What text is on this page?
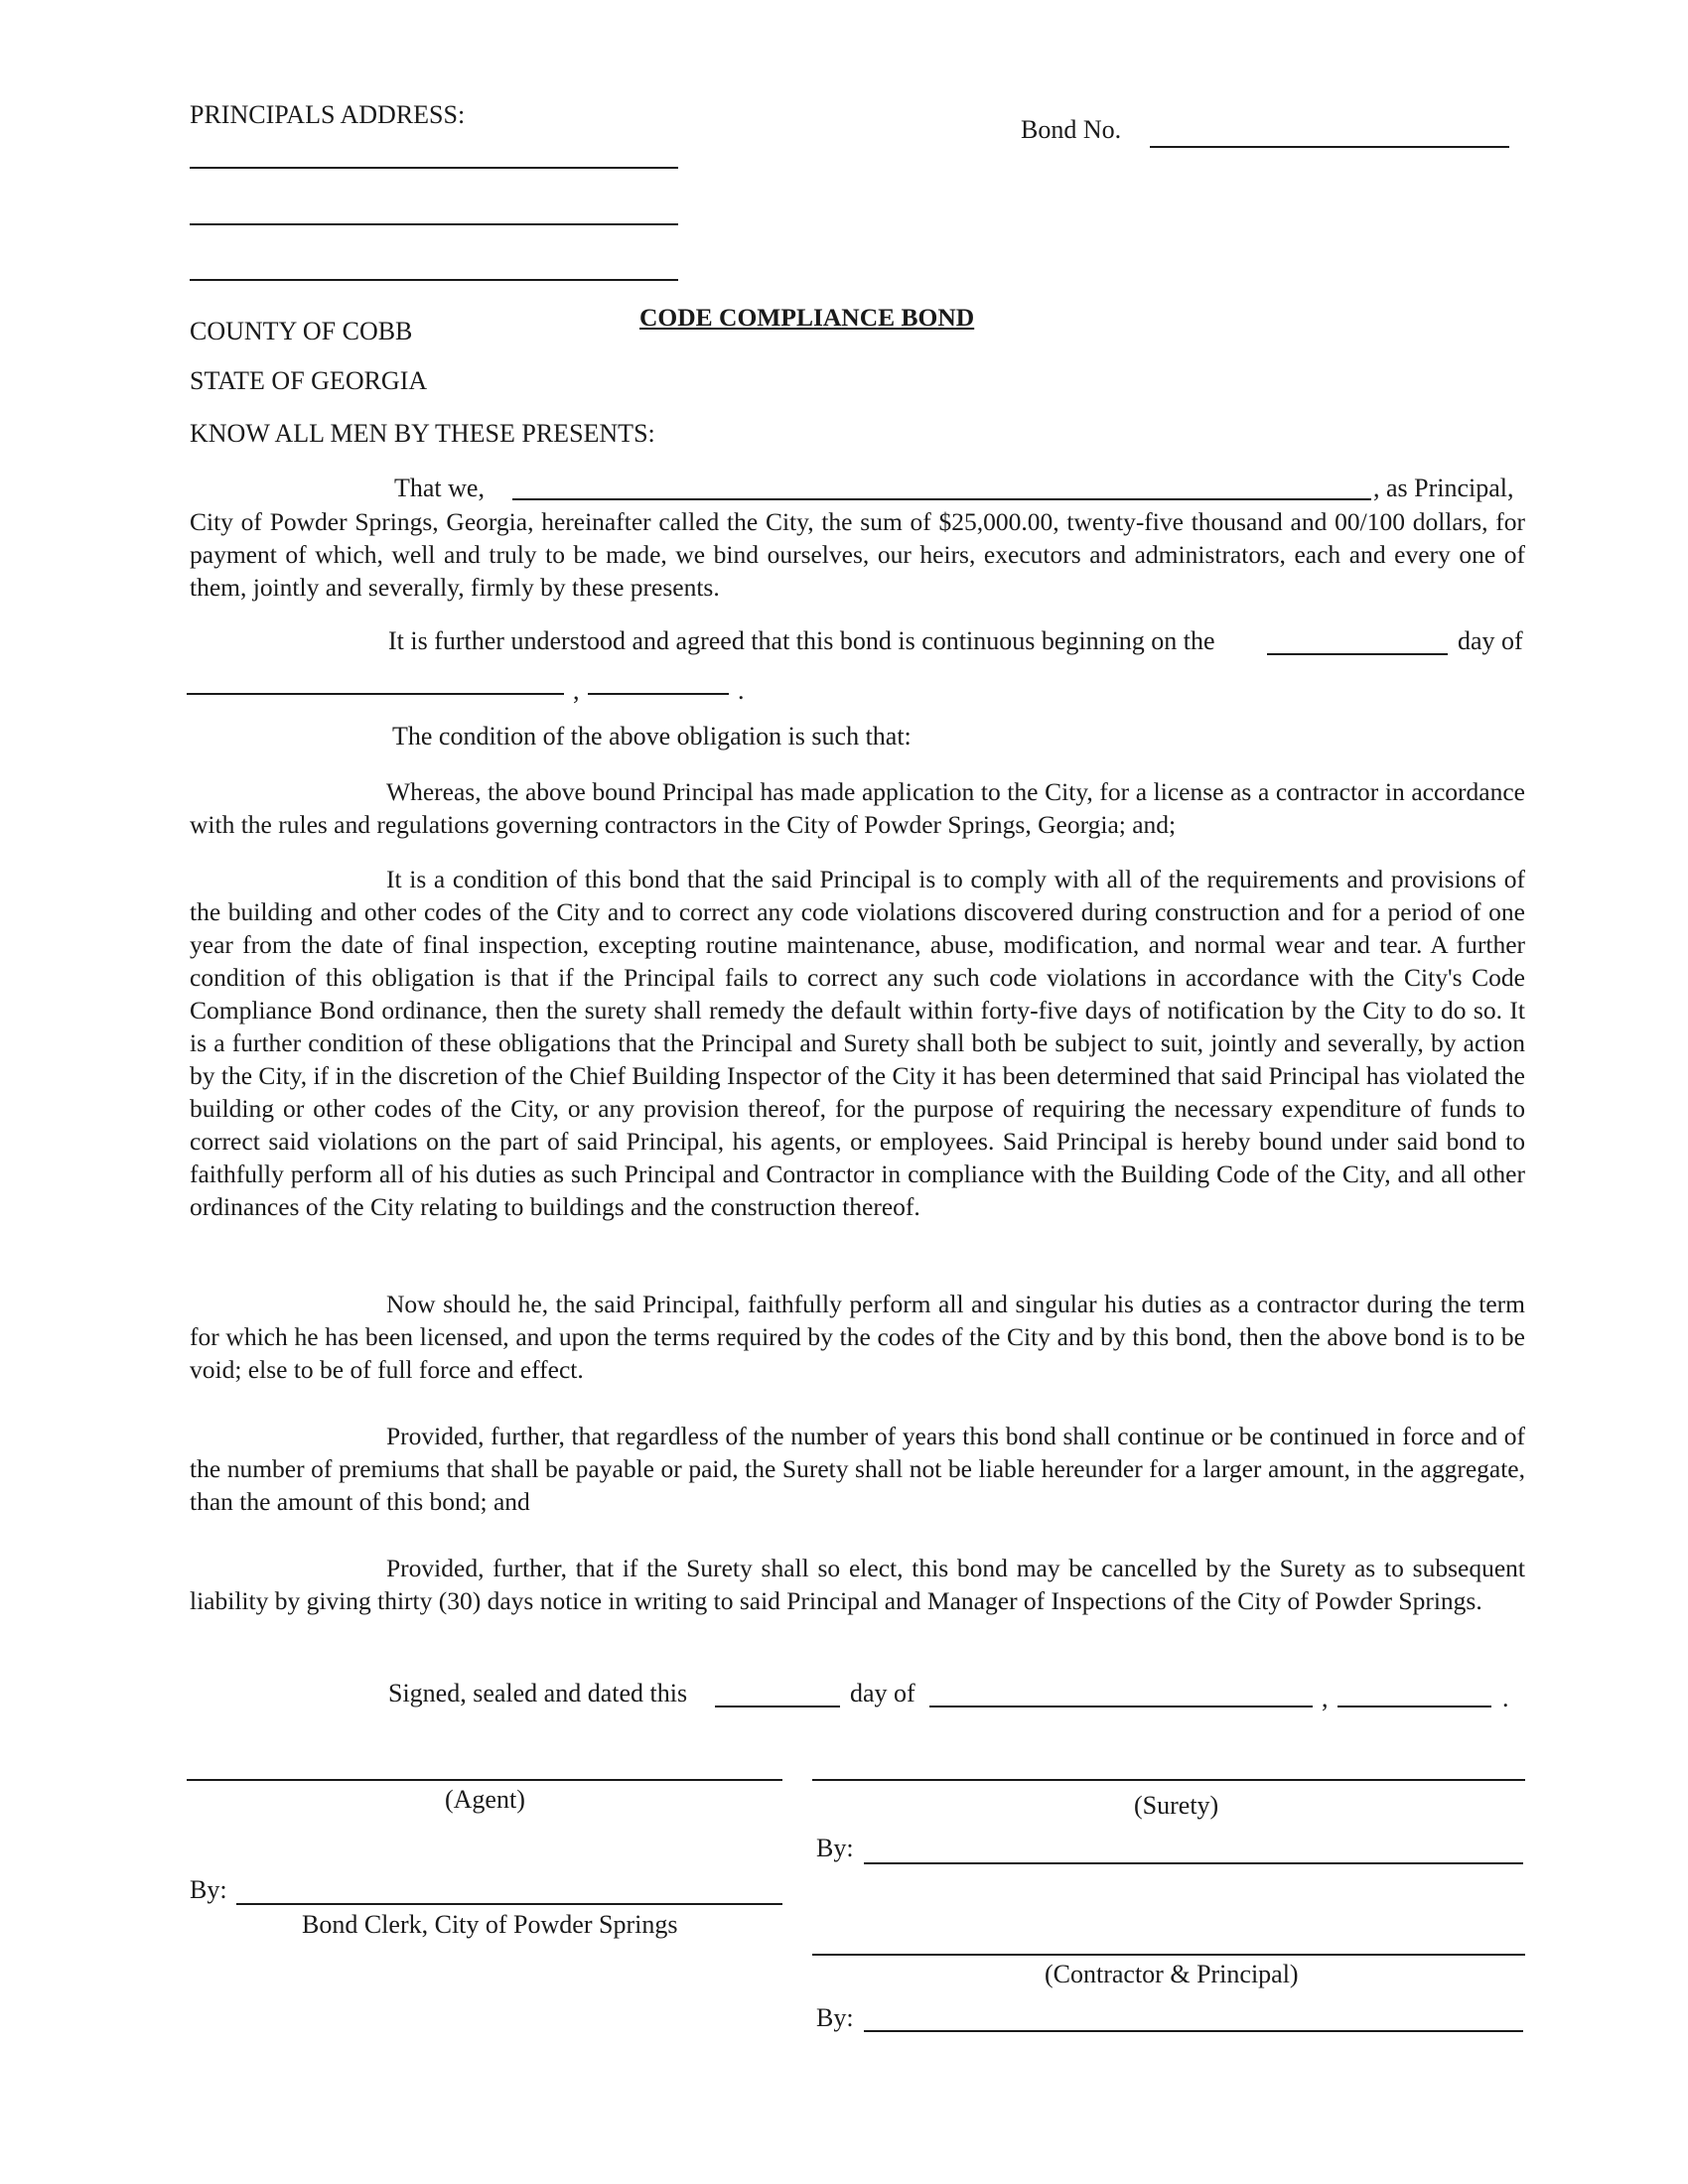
PRINCIPALS ADDRESS:
Bond No.
CODE COMPLIANCE BOND
COUNTY OF COBB
STATE OF GEORGIA
KNOW ALL MEN BY THESE PRESENTS:
That we,	, as Principal,
City of Powder Springs, Georgia, hereinafter called the City, the sum of $25,000.00, twenty-five thousand and 00/100 dollars, for payment of which, well and truly to be made, we bind ourselves, our heirs, executors and administrators, each and every one of them, jointly and severally, firmly by these presents.
It is further understood and agreed that this bond is continuous beginning on the	day of
,	.
The condition of the above obligation is such that:
Whereas, the above bound Principal has made application to the City, for a license as a contractor in accordance with the rules and regulations governing contractors in the City of Powder Springs, Georgia; and;
It is a condition of this bond that the said Principal is to comply with all of the requirements and provisions of the building and other codes of the City and to correct any code violations discovered during construction and for a period of one year from the date of final inspection, excepting routine maintenance, abuse, modification, and normal wear and tear. A further condition of this obligation is that if the Principal fails to correct any such code violations in accordance with the City's Code Compliance Bond ordinance, then the surety shall remedy the default within forty-five days of notification by the City to do so. It is a further condition of these obligations that the Principal and Surety shall both be subject to suit, jointly and severally, by action by the City, if in the discretion of the Chief Building Inspector of the City it has been determined that said Principal has violated the building or other codes of the City, or any provision thereof, for the purpose of requiring the necessary expenditure of funds to correct said violations on the part of said Principal, his agents, or employees. Said Principal is hereby bound under said bond to faithfully perform all of his duties as such Principal and Contractor in compliance with the Building Code of the City, and all other ordinances of the City relating to buildings and the construction thereof.
Now should he, the said Principal, faithfully perform all and singular his duties as a contractor during the term for which he has been licensed, and upon the terms required by the codes of the City and by this bond, then the above bond is to be void; else to be of full force and effect.
Provided, further, that regardless of the number of years this bond shall continue or be continued in force and of the number of premiums that shall be payable or paid, the Surety shall not be liable hereunder for a larger amount, in the aggregate, than the amount of this bond; and
Provided, further, that if the Surety shall so elect, this bond may be cancelled by the Surety as to subsequent liability by giving thirty (30) days notice in writing to said Principal and Manager of Inspections of the City of Powder Springs.
Signed, sealed and dated this	day of	,	.
(Agent)
By:
Bond Clerk, City of Powder Springs
(Surety)
By:
(Contractor & Principal)
By:
